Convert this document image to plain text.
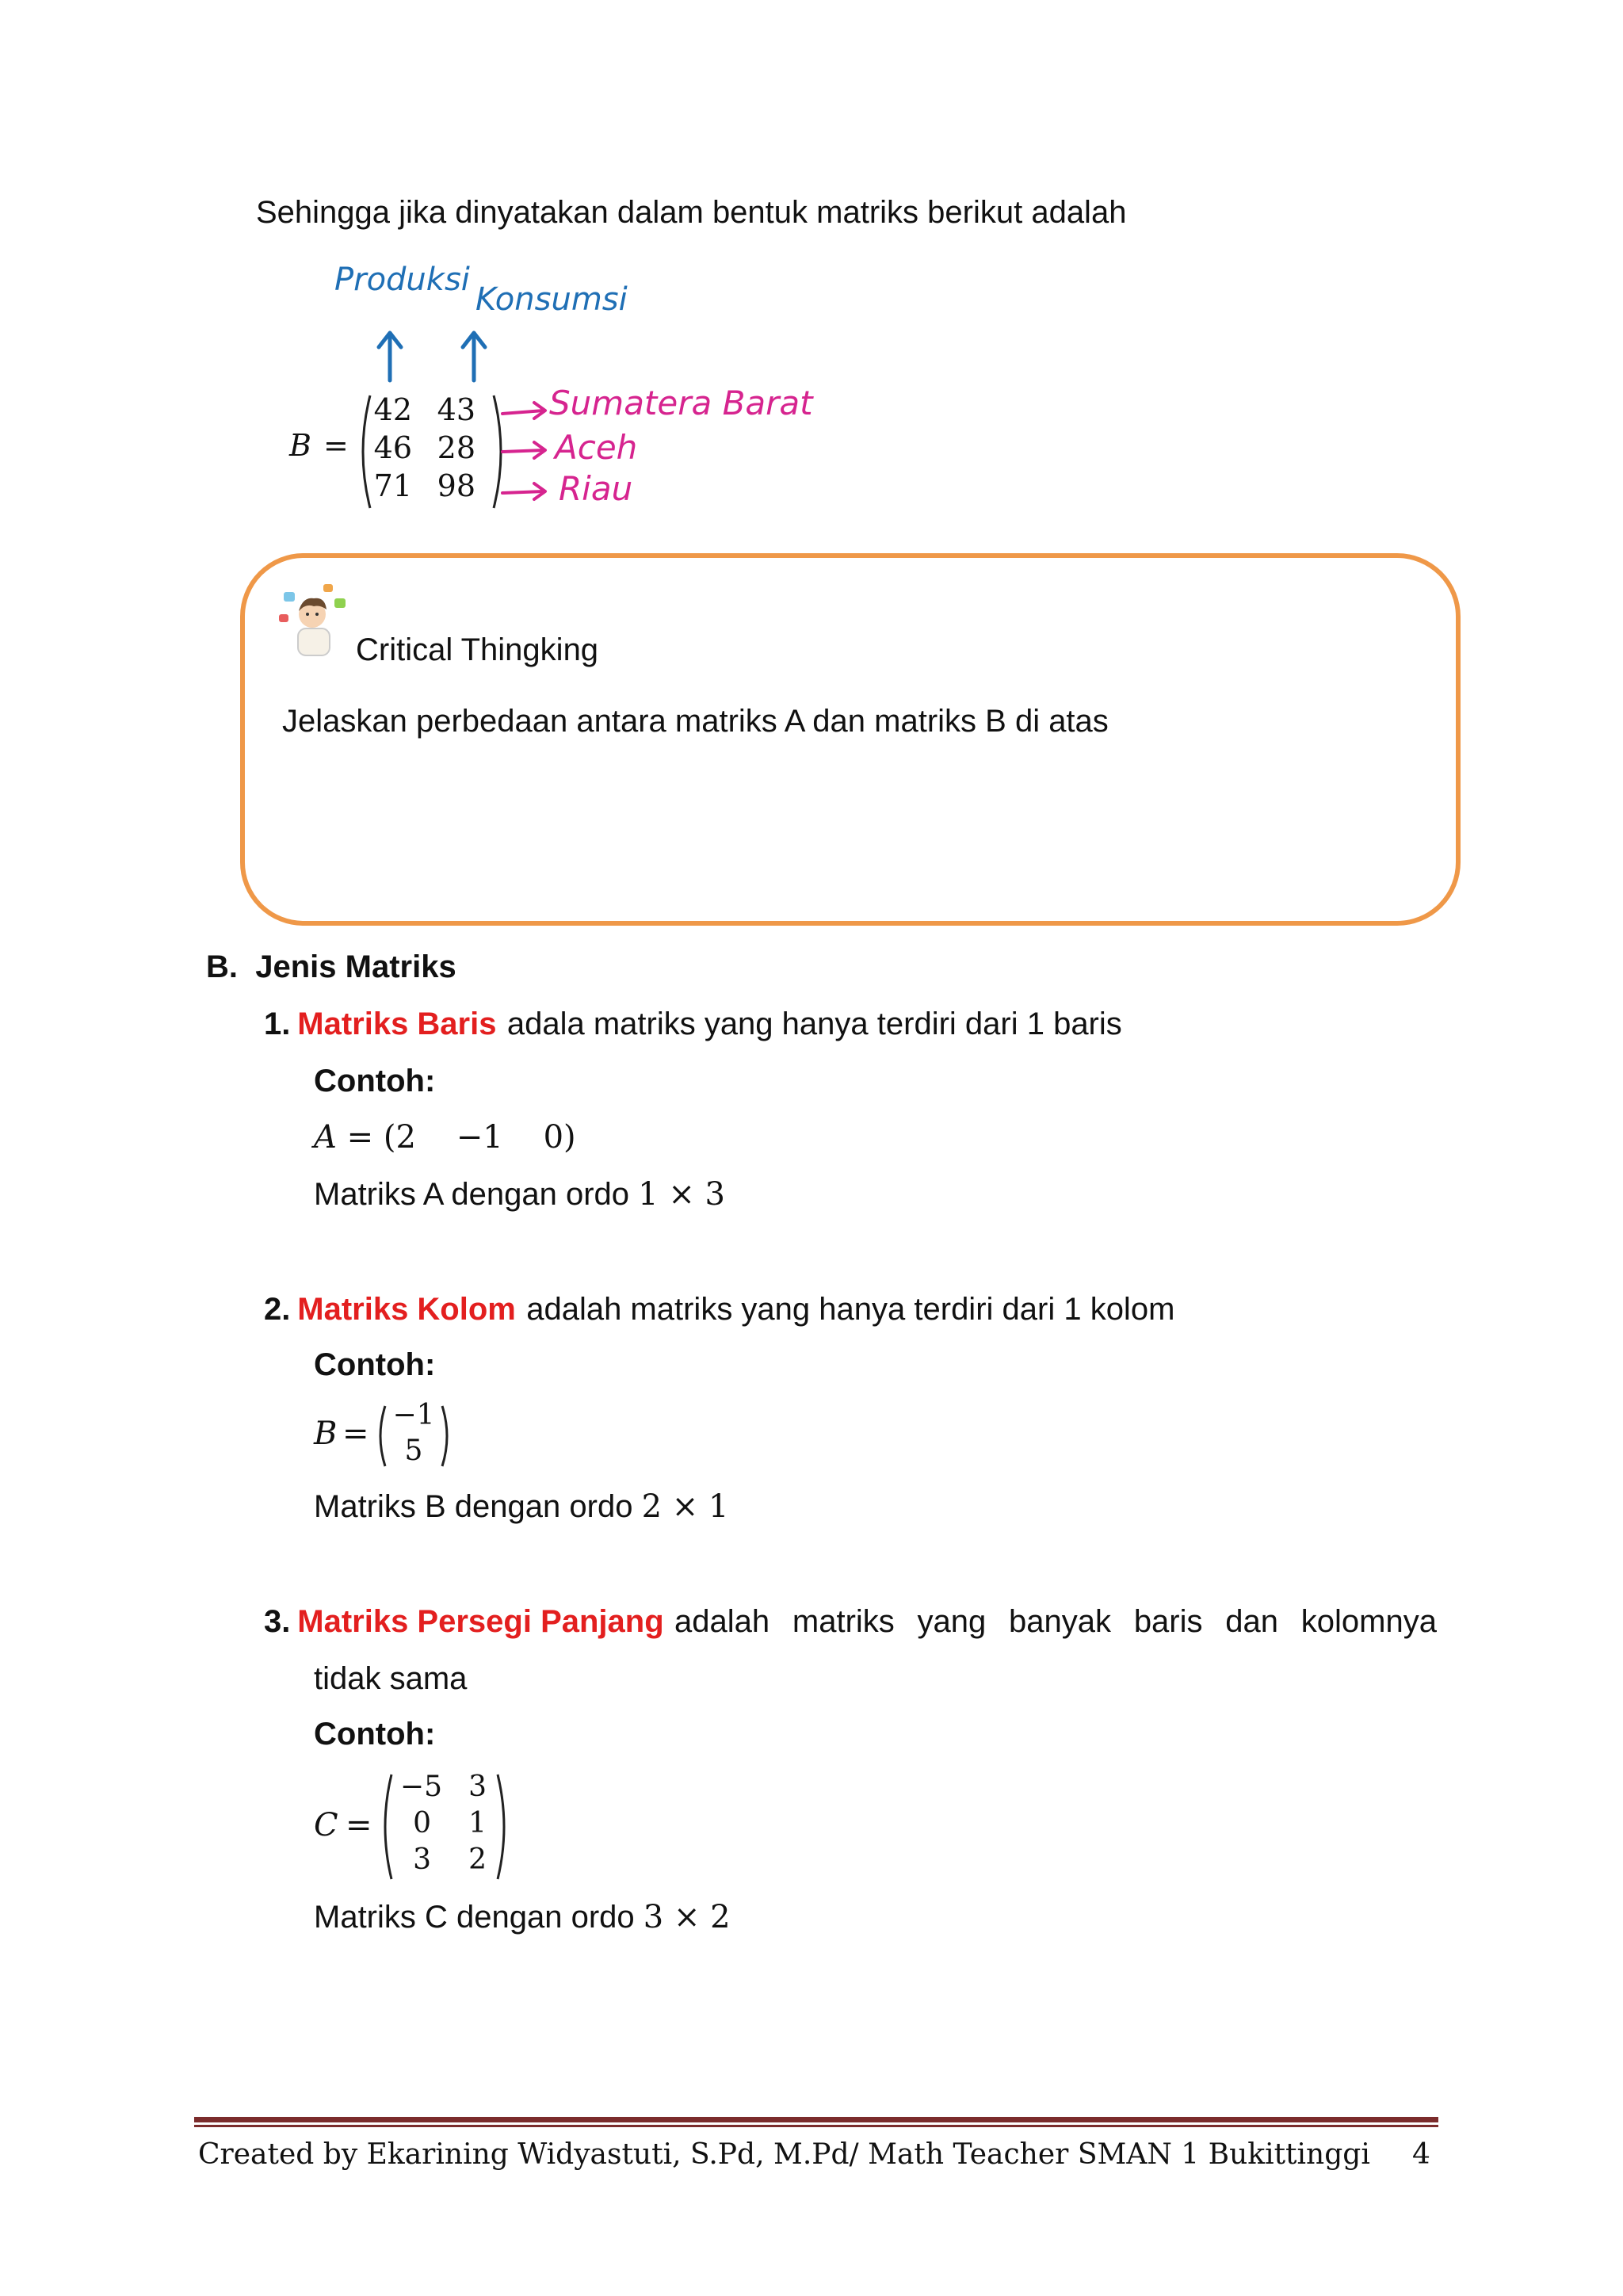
Sehingga jika dinyatakan dalam bentuk matriks berikut adalah
Produksi
Konsumsi
B =
42 43
46 28
71 98
Sumatera Barat
Aceh
Riau
Critical Thingking
Jelaskan perbedaan antara matriks A dan matriks B di atas
B. Jenis Matriks
1. Matriks Baris adala matriks yang hanya terdiri dari 1 baris
Contoh:
A = (2 −1 0)
Matriks A dengan ordo 1 × 3
2. Matriks Kolom adalah matriks yang hanya terdiri dari 1 kolom
Contoh:
B =
−1
5
Matriks B dengan ordo 2 × 1
3.
Matriks Persegi Panjang
adalah matriks yang banyak baris dan kolomnya
tidak sama
Contoh:
C =
−5 3
0	1
3	2
Matriks C dengan ordo 3 × 2
Created by Ekarining Widyastuti, S.Pd, M.Pd/ Math Teacher SMAN 1 Bukittinggi 4
